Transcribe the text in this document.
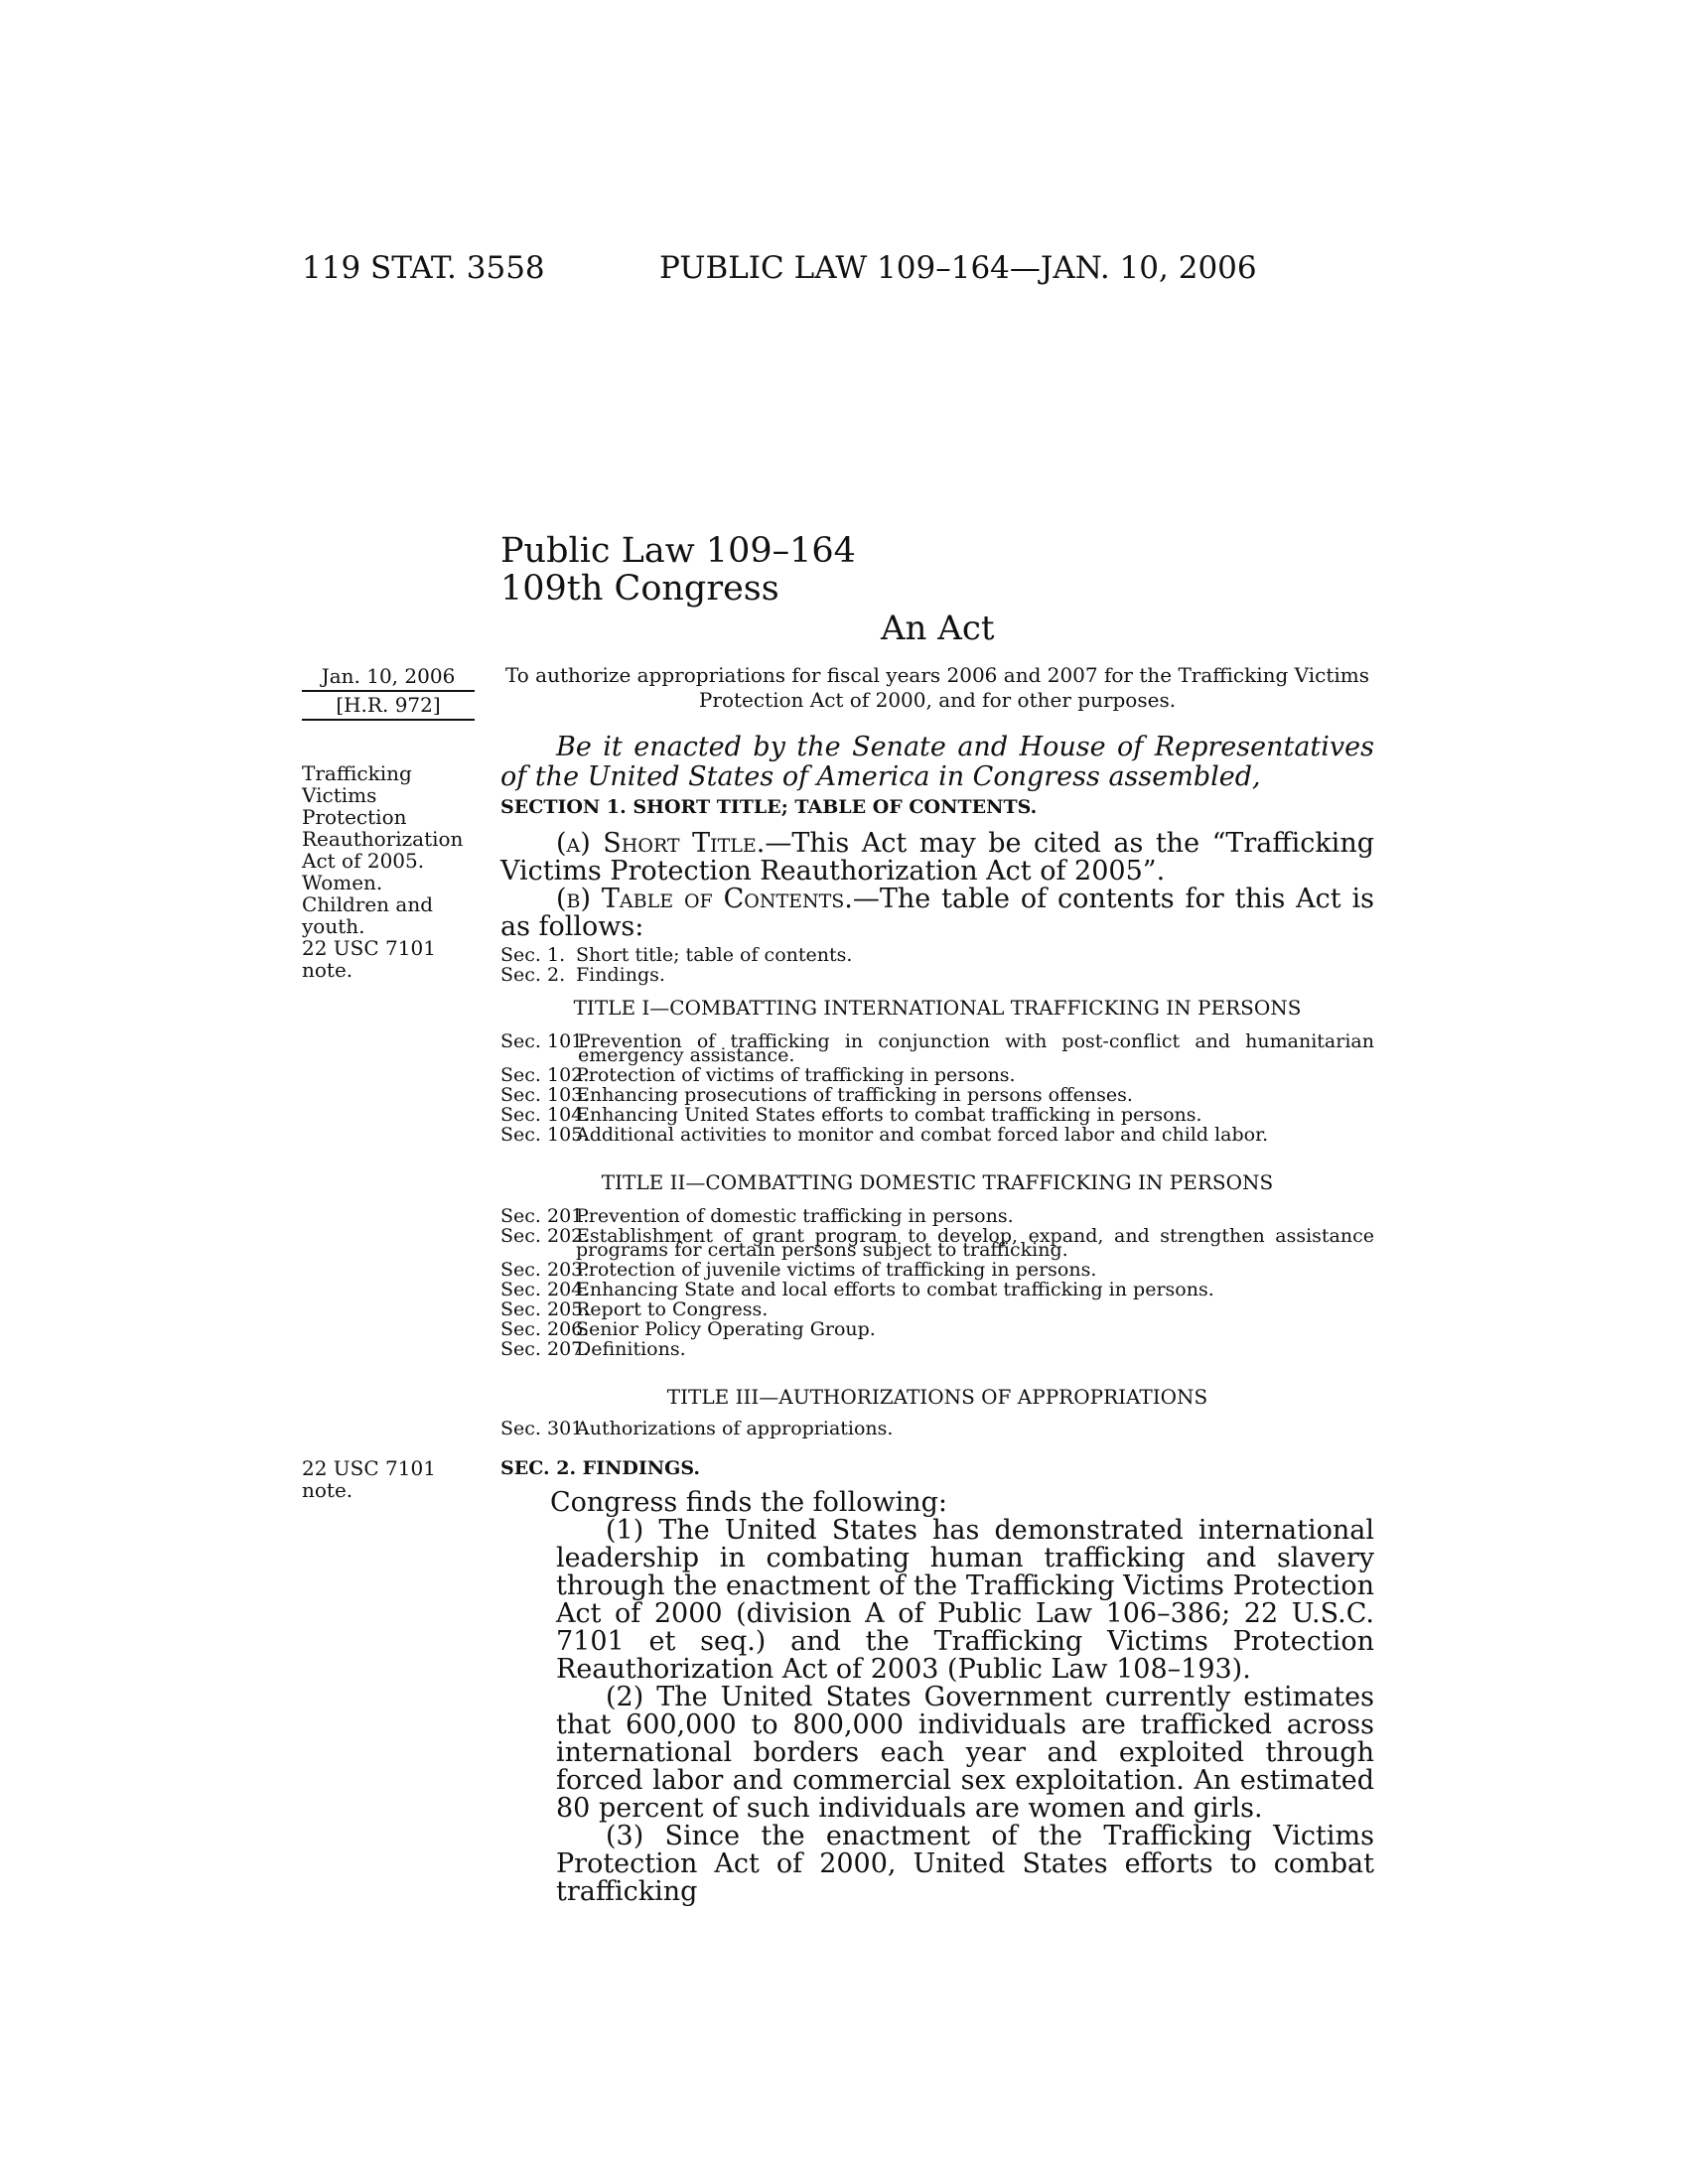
119 STAT. 3558	PUBLIC LAW 109–164—JAN. 10, 2006
Public Law 109–164
109th Congress
An Act
Jan. 10, 2006
[H.R. 972]
To authorize appropriations for fiscal years 2006 and 2007 for the Trafficking Victims Protection Act of 2000, and for other purposes.
Trafficking
Victims
Protection
Reauthorization
Act of 2005.
Women.
Children and
youth.
22 USC 7101
note.
Be it enacted by the Senate and House of Representatives of the United States of America in Congress assembled,
SECTION 1. SHORT TITLE; TABLE OF CONTENTS.
(a) Short Title.—This Act may be cited as the “Trafficking Victims Protection Reauthorization Act of 2005”.
(b) Table of Contents.—The table of contents for this Act is as follows:
Sec. 1. Short title; table of contents.
Sec. 2. Findings.
TITLE I—COMBATTING INTERNATIONAL TRAFFICKING IN PERSONS
Sec. 101.
Prevention of trafficking in conjunction with post-conflict and humanitarian emergency assistance.
Sec. 102.
Protection of victims of trafficking in persons.
Sec. 103.
Enhancing prosecutions of trafficking in persons offenses.
Sec. 104.
Enhancing United States efforts to combat trafficking in persons.
Sec. 105.
Additional activities to monitor and combat forced labor and child labor.
TITLE II—COMBATTING DOMESTIC TRAFFICKING IN PERSONS
Sec. 201.
Prevention of domestic trafficking in persons.
Sec. 202.
Establishment of grant program to develop, expand, and strengthen assistance programs for certain persons subject to trafficking.
Sec. 203.
Protection of juvenile victims of trafficking in persons.
Sec. 204.
Enhancing State and local efforts to combat trafficking in persons.
Sec. 205.
Report to Congress.
Sec. 206.
Senior Policy Operating Group.
Sec. 207.
Definitions.
TITLE III—AUTHORIZATIONS OF APPROPRIATIONS
Sec. 301.
Authorizations of appropriations.
22 USC 7101
note.
SEC. 2. FINDINGS.

Congress finds the following:

(1) The United States has demonstrated international leadership in combating human trafficking and slavery through the enactment of the Trafficking Victims Protection Act of 2000 (division A of Public Law 106–386; 22 U.S.C. 7101 et seq.) and the Trafficking Victims Protection Reauthorization Act of 2003 (Public Law 108–193).

(2) The United States Government currently estimates that 600,000 to 800,000 individuals are trafficked across international borders each year and exploited through forced labor and commercial sex exploitation. An estimated 80 percent of such individuals are women and girls.

(3) Since the enactment of the Trafficking Victims Protection Act of 2000, United States efforts to combat trafficking
